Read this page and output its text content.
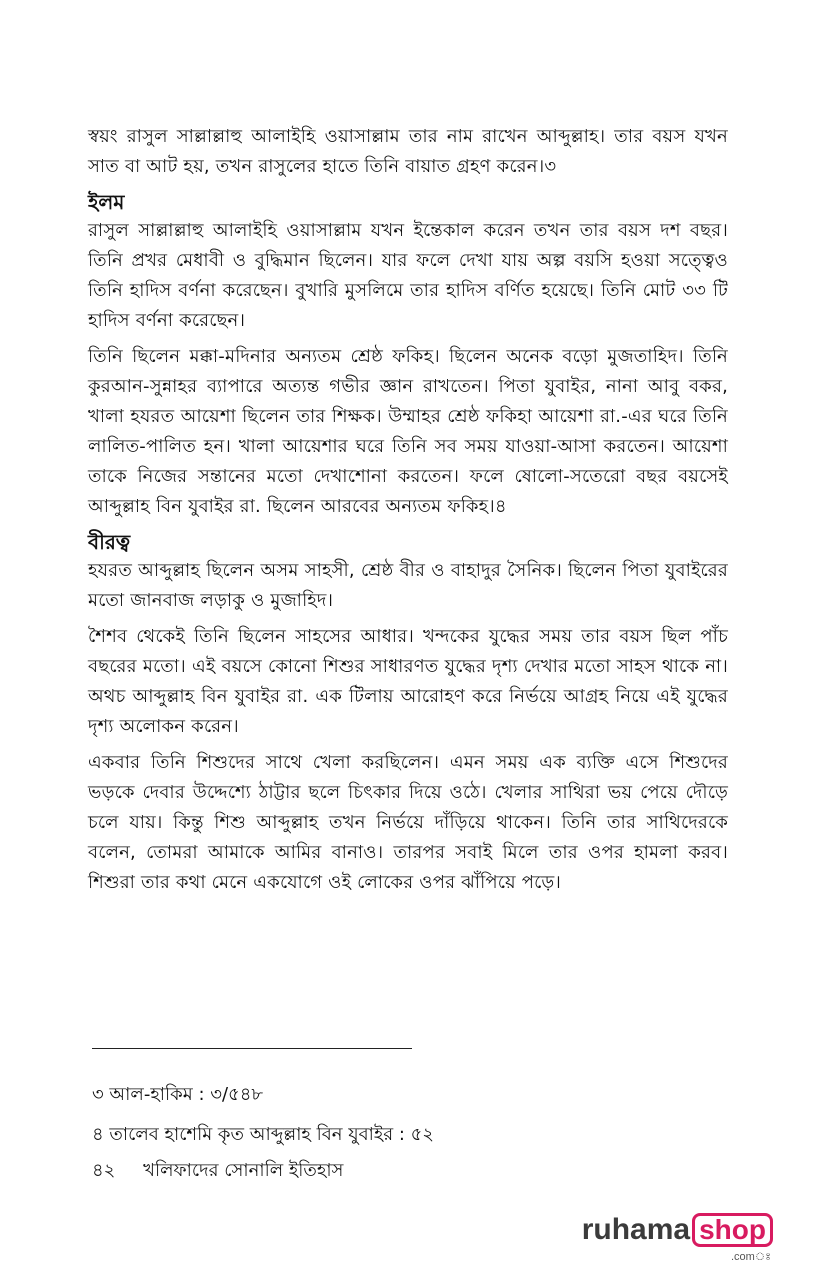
স্বয়ং রাসুল সাল্লাল্লাহু আলাইহি ওয়াসাল্লাম তার নাম রাখেন আব্দুল্লাহ। তার বয়স যখন সাত বা আট হয়, তখন রাসুলের হাতে তিনি বায়াত গ্রহণ করেন।৩

ইলম

রাসুল সাল্লাল্লাহু আলাইহি ওয়াসাল্লাম যখন ইন্তেকাল করেন তখন তার বয়স দশ বছর। তিনি প্রখর মেধাবী ও বুদ্ধিমান ছিলেন। যার ফলে দেখা যায় অল্প বয়সি হওয়া সত্ত্বেও তিনি হাদিস বর্ণনা করেছেন। বুখারি মুসলিমে তার হাদিস বর্ণিত হয়েছে। তিনি মোট ৩৩ টি হাদিস বর্ণনা করেছেন।

তিনি ছিলেন মক্কা-মদিনার অন্যতম শ্রেষ্ঠ ফকিহ। ছিলেন অনেক বড়ো মুজতাহিদ। তিনি কুরআন-সুন্নাহর ব্যাপারে অত্যন্ত গভীর জ্ঞান রাখতেন। পিতা যুবাইর, নানা আবু বকর, খালা হযরত আয়েশা ছিলেন তার শিক্ষক। উম্মাহর শ্রেষ্ঠ ফকিহা আয়েশা রা.-এর ঘরে তিনি লালিত-পালিত হন। খালা আয়েশার ঘরে তিনি সব সময় যাওয়া-আসা করতেন। আয়েশা তাকে নিজের সন্তানের মতো দেখাশোনা করতেন। ফলে ষোলো-সতেরো বছর বয়সেই আব্দুল্লাহ বিন যুবাইর রা. ছিলেন আরবের অন্যতম ফকিহ।৪

বীরত্ব

হযরত আব্দুল্লাহ ছিলেন অসম সাহসী, শ্রেষ্ঠ বীর ও বাহাদুর সৈনিক। ছিলেন পিতা যুবাইরের মতো জানবাজ লড়াকু ও মুজাহিদ।

শৈশব থেকেই তিনি ছিলেন সাহসের আধার। খন্দকের যুদ্ধের সময় তার বয়স ছিল পাঁচ বছরের মতো। এই বয়সে কোনো শিশুর সাধারণত যুদ্ধের দৃশ্য দেখার মতো সাহস থাকে না। অথচ আব্দুল্লাহ বিন যুবাইর রা. এক টিলায় আরোহণ করে নির্ভয়ে আগ্রহ নিয়ে এই যুদ্ধের দৃশ্য অলোকন করেন।

একবার তিনি শিশুদের সাথে খেলা করছিলেন। এমন সময় এক ব্যক্তি এসে শিশুদের ভড়কে দেবার উদ্দেশ্যে ঠাট্টার ছলে চিৎকার দিয়ে ওঠে। খেলার সাথিরা ভয় পেয়ে দৌড়ে চলে যায়। কিন্তু শিশু আব্দুল্লাহ তখন নির্ভয়ে দাঁড়িয়ে থাকেন। তিনি তার সাথিদেরকে বলেন, তোমরা আমাকে আমির বানাও। তারপর সবাই মিলে তার ওপর হামলা করব। শিশুরা তার কথা মেনে একযোগে ওই লোকের ওপর ঝাঁপিয়ে পড়ে।

৩ আল-হাকিম : ৩/৫৪৮
৪ তালেব হাশেমি কৃত আব্দুল্লাহ বিন যুবাইর : ৫২
৪২ খলিফাদের সোনালি ইতিহাস
ruhama shop
.comঃ
